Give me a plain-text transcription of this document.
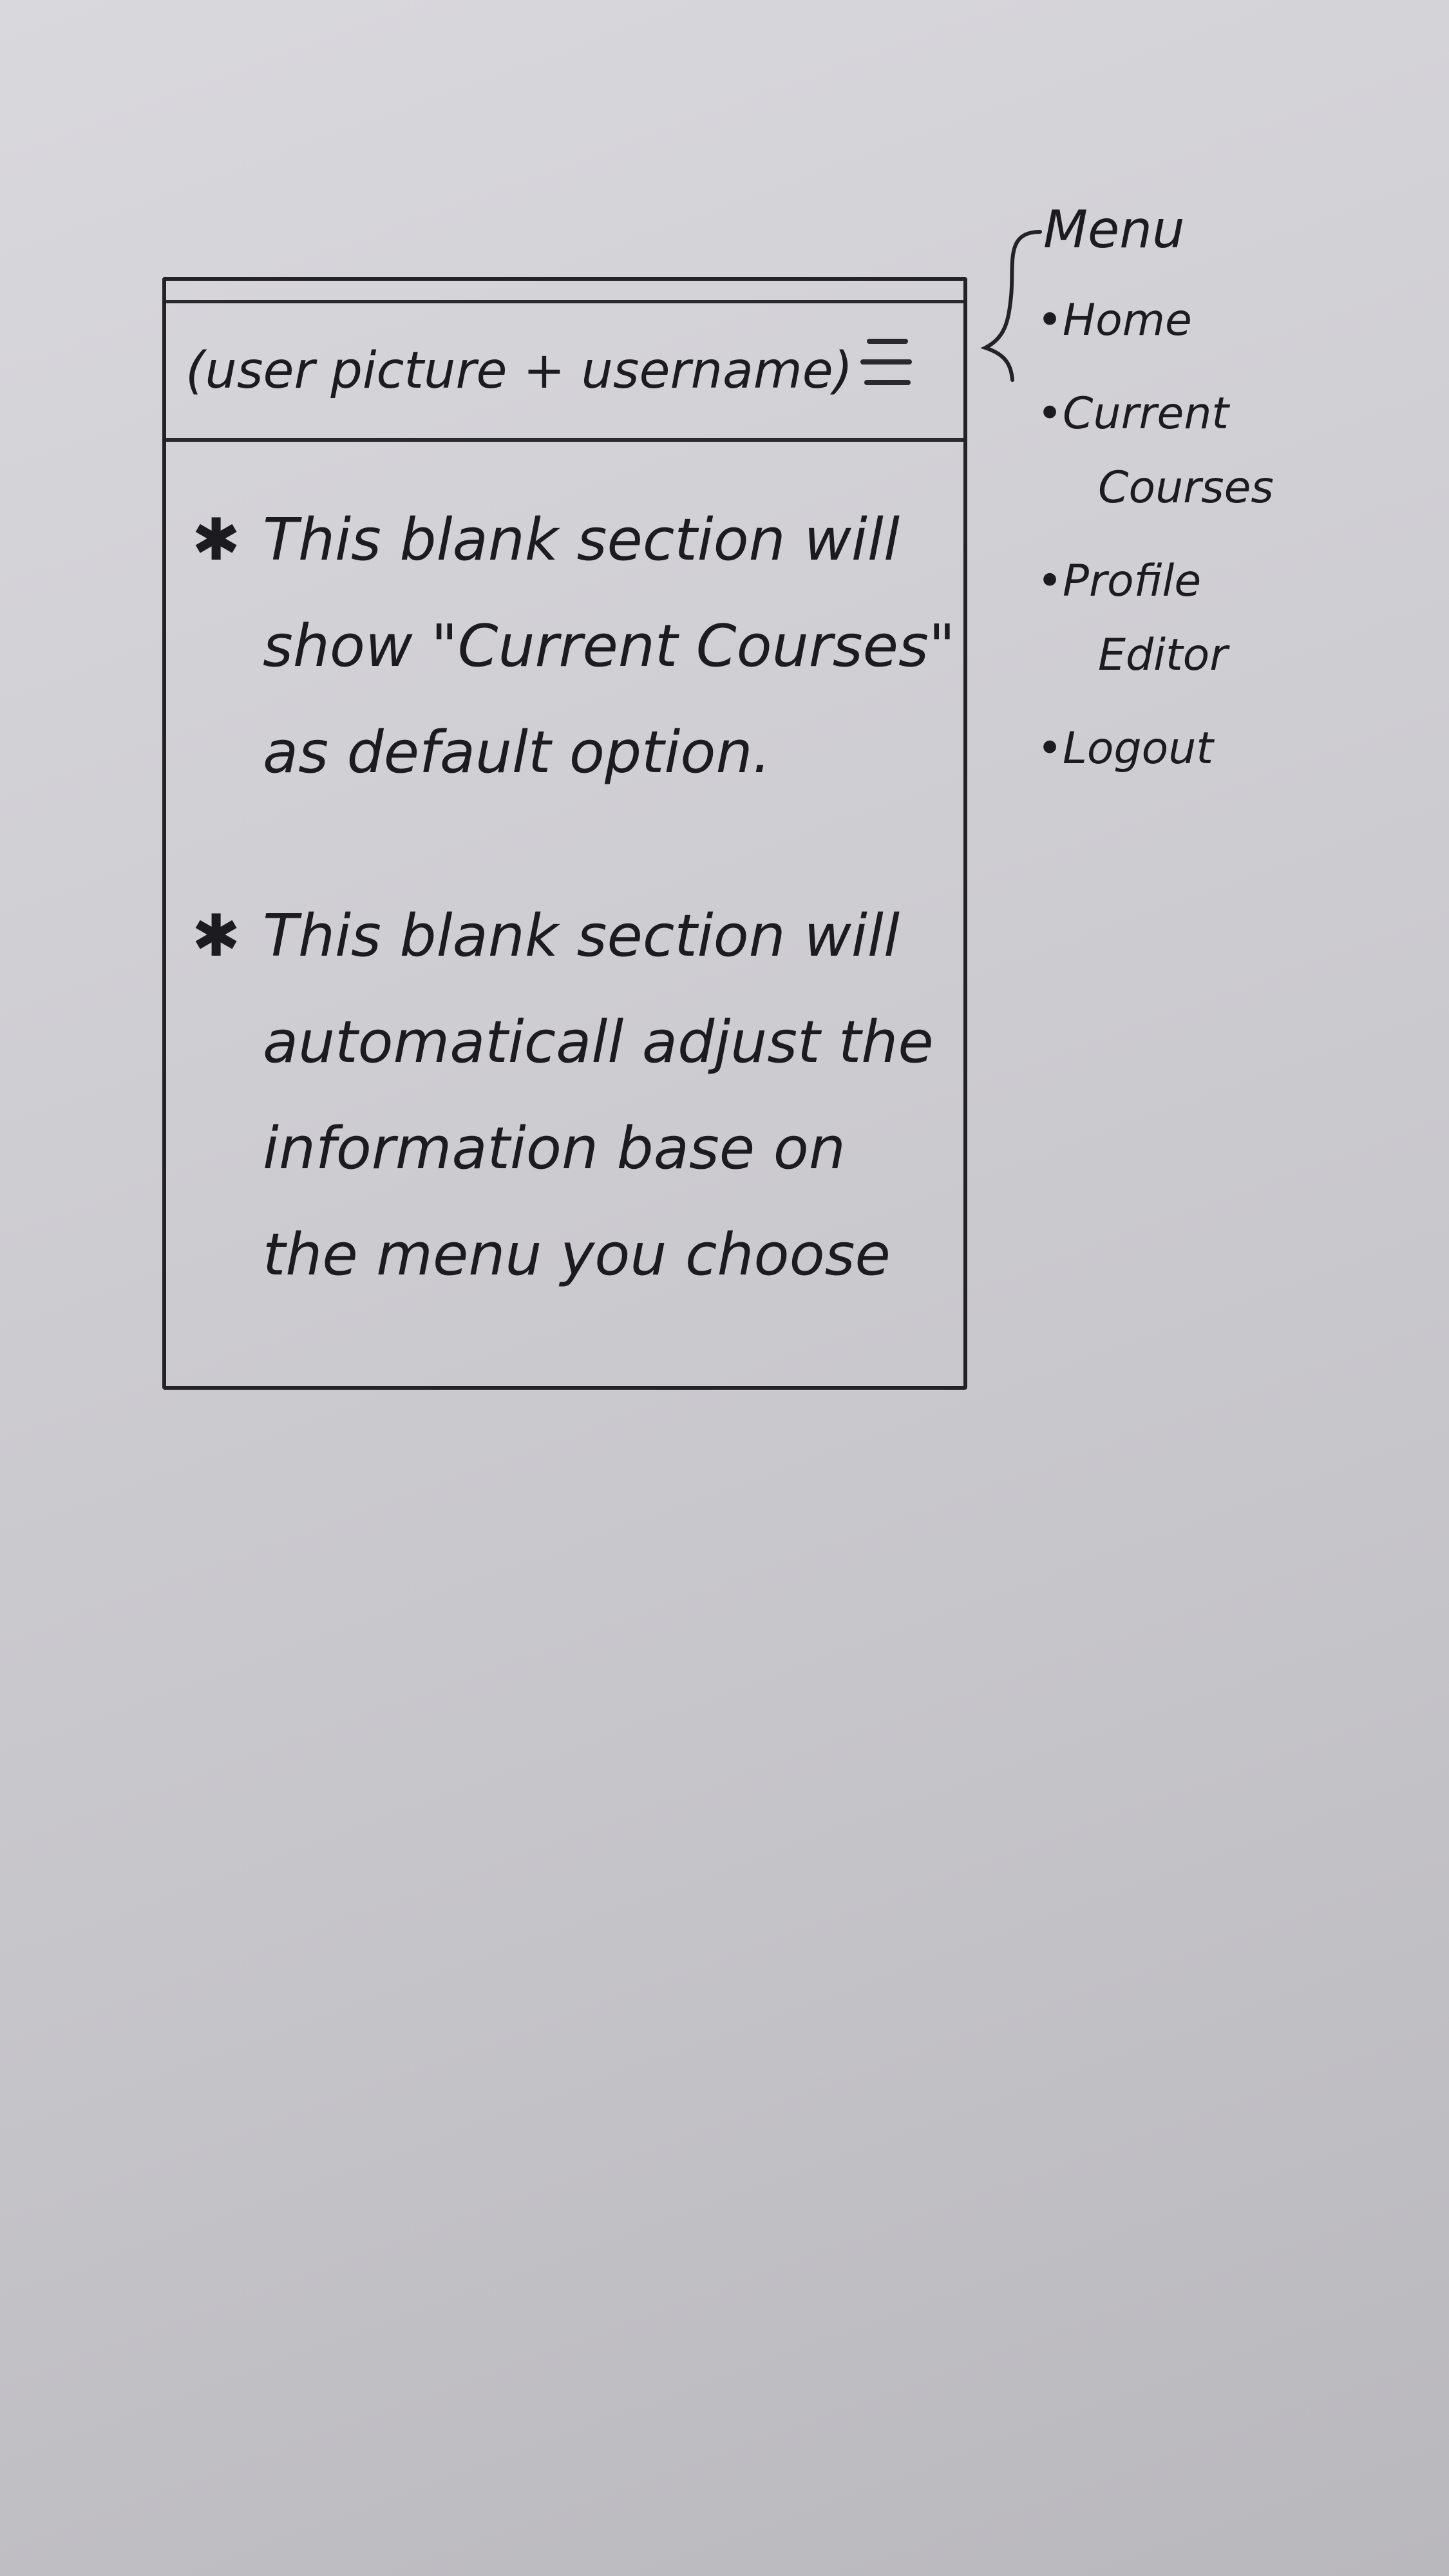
(user picture + username)
✱ This blank section will
show "Current Courses"
as default option.
✱ This blank section will
automaticall adjust the
information base on
the menu you choose
Menu
• Home
• Current
Courses
• Profile
Editor
• Logout
